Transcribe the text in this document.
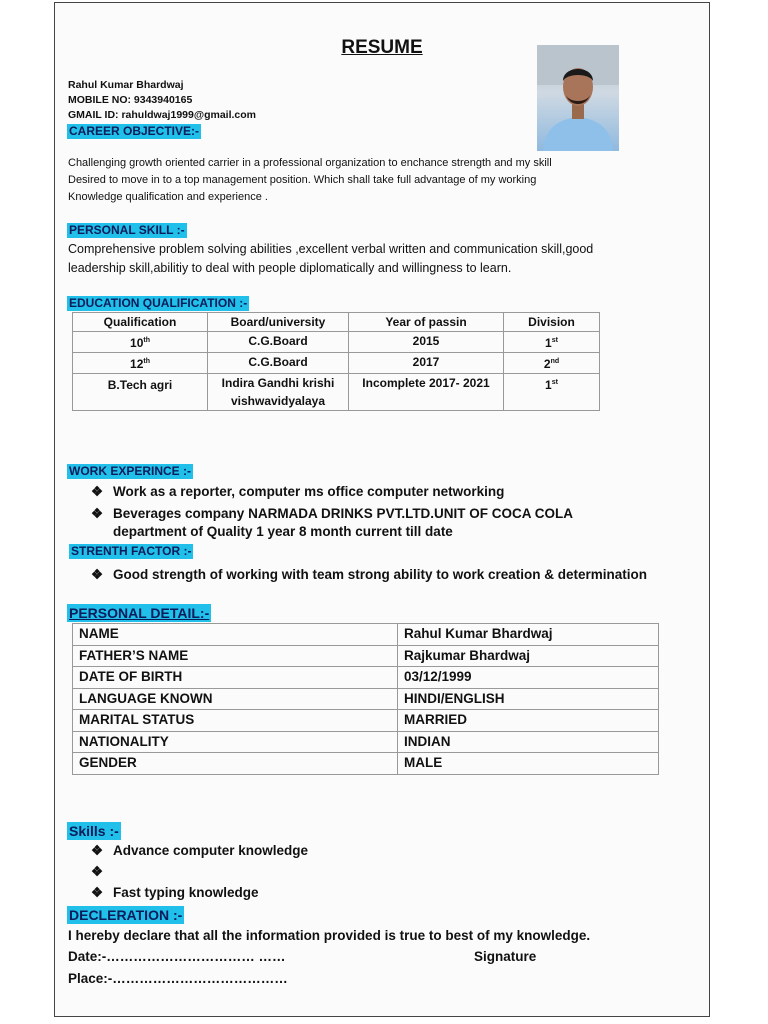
RESUME
Rahul Kumar Bhardwaj
MOBILE NO: 9343940165
GMAIL ID: rahuldwaj1999@gmail.com
CAREER OBJECTIVE:-
Challenging growth oriented carrier in a professional organization to enchance strength and my skill
Desired to move in to a top management position. Which shall take full advantage of my working
Knowledge qualification and experience .
PERSONAL SKILL :-
Comprehensive problem solving abilities ,excellent verbal written and communication skill,good
leadership skill,abilitiy to deal with people diplomatically and willingness to learn.
EDUCATION QUALIFICATION :-
Qualification	Board/university	Year of passin	Division
10th	C.G.Board	2015	1st
12th	C.G.Board	2017	2nd
B.Tech agri	Indira Gandhi krishi vishwavidyalaya	Incomplete 2017- 2021	1st
WORK EXPERINCE :-
❖ Work as a reporter, computer ms office computer networking
❖ Beverages company NARMADA DRINKS PVT.LTD.UNIT OF COCA COLA
department of Quality 1 year 8 month current till date
STRENTH FACTOR :-
❖ Good strength of working with team strong ability to work creation & determination
PERSONAL DETAIL:-
NAME	Rahul Kumar Bhardwaj
FATHER’S NAME	Rajkumar Bhardwaj
DATE OF BIRTH	03/12/1999
LANGUAGE KNOWN	HINDI/ENGLISH
MARITAL STATUS	MARRIED
NATIONALITY	INDIAN
GENDER	MALE
Skills :-
❖ Advance computer knowledge
❖
❖ Fast typing knowledge
DECLERATION :-
I hereby declare that all the information provided is true to best of my knowledge.
Date:-…………………………… ……	Signature
Place:-…………………………………
